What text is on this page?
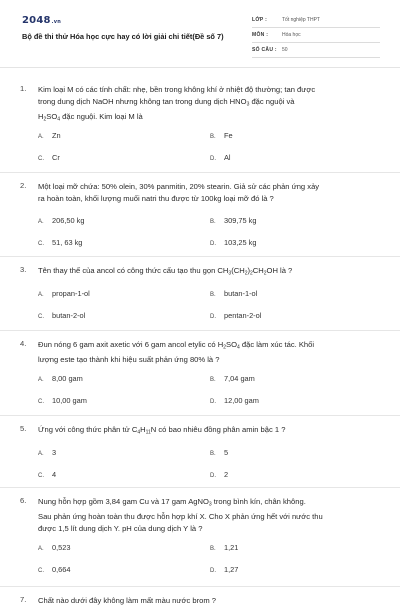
2048.vn
Bộ đề thi thử Hóa học cực hay có lời giải chi tiết(Đề số 7)
LỚP :	Tốt nghiệp THPT
MÔN :	Hóa học
SỐ CÂU : 50
1. Kim loại M có các tính chất: nhẹ, bền trong không khí ở nhiệt độ thường; tan được
trong dung dịch NaOH nhưng không tan trong dung dịch $HNO_3$ đặc nguội và
$H_2SO_4$ đặc nguội. Kim loại M là
A. Zn	B. Fe
C. Cr	D. Al
2. Một loại mỡ chứa: 50% olein, 30% panmitin, 20% stearin. Giả sử các phản ứng xảy
ra hoàn toàn, khối lượng muối natri thu được từ 100kg loại mỡ đó là ?
A. 206,50 kg	B. 309,75 kg
C. 51, 63 kg	D. 103,25 kg
3. Tên thay thế của ancol có công thức cấu tạo thu gọn $CH_3(CH_2)_2CH_2OH$ là ?
A. propan-1-ol	B. butan-1-ol
C. butan-2-ol	D. pentan-2-ol
4. Đun nóng 6 gam axit axetic với 6 gam ancol etylic có $H_2SO_4$ đặc làm xúc tác. Khối
lượng este tạo thành khi hiệu suất phản ứng 80% là ?
A. 8,00 gam	B. 7,04 gam
C. 10,00 gam	D. 12,00 gam
5. Ứng với công thức phân tử $C_4H_{11}N$ có bao nhiêu đồng phân amin bậc 1 ?
A. 3	B. 5
C. 4	D. 2
6. Nung hỗn hợp gồm 3,84 gam Cu và 17 gam AgNO$_3$ trong bình kín, chân không.
Sau phản ứng hoàn toàn thu được hỗn hợp khí X. Cho X phản ứng hết với nước thu
được 1,5 lít dung dịch Y. pH của dung dịch Y là ?
A. 0,523	B. 1,21
C. 0,664	D. 1,27
7. Chất nào dưới đây không làm mất màu nước brom ?
